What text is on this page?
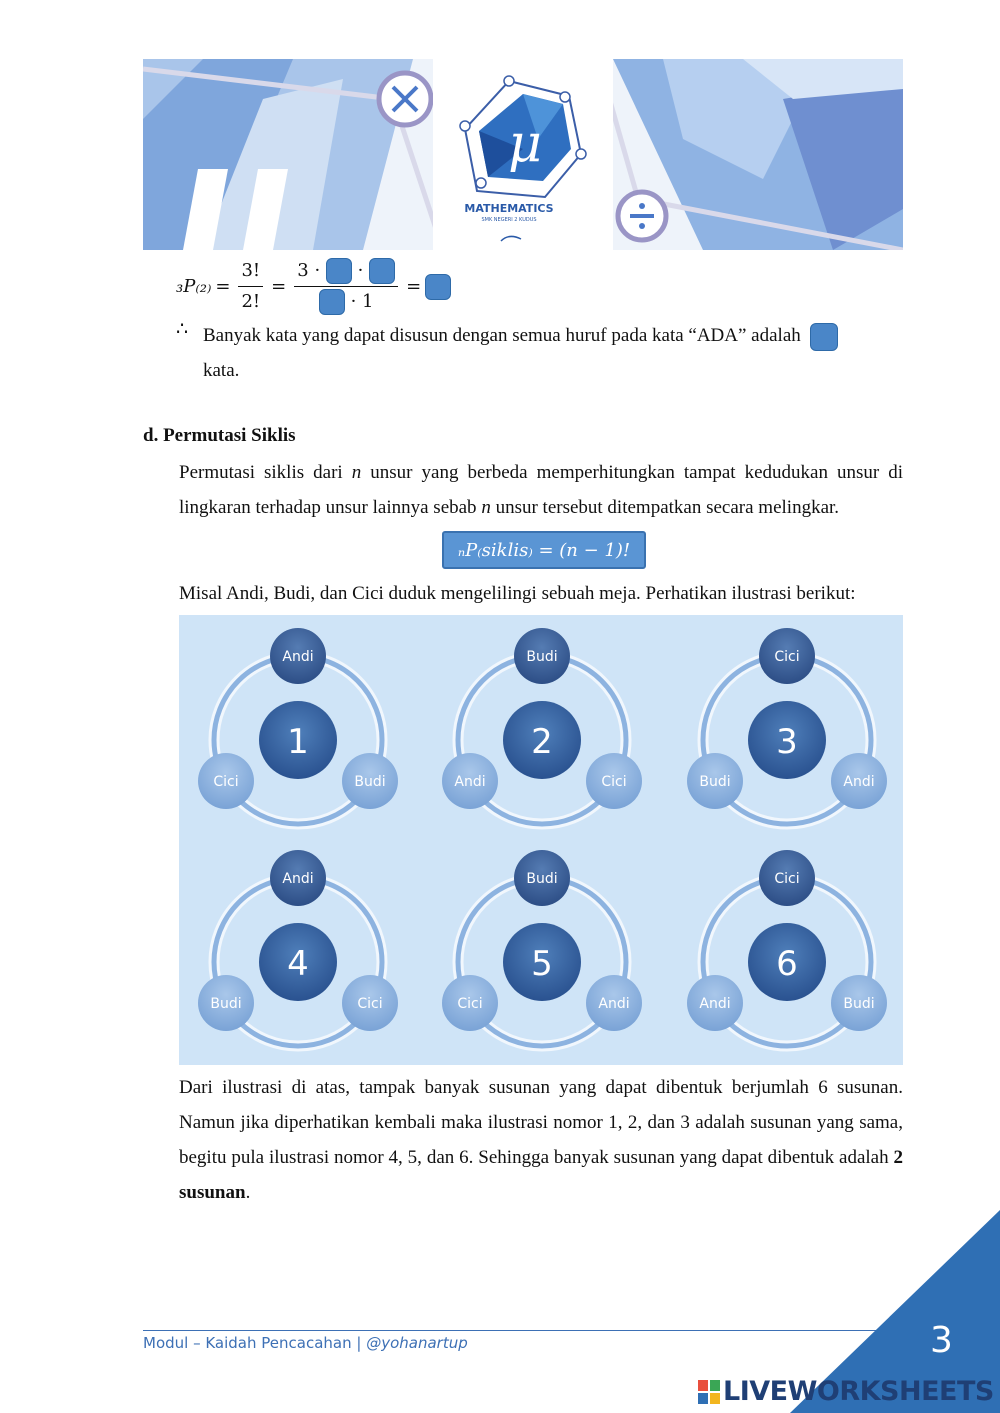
μ
MATHEMATICS
SMK NEGERI 2 KUDUS
$_3P_{(2)} = \frac{3!}{2!} = \frac{3 \cdot \cdot}{\cdot 1}$ =
∴ Banyak kata yang dapat disusun dengan semua huruf pada kata “ADA” adalah
kata.
d. Permutasi Siklis
Permutasi siklis dari n unsur yang berbeda memperhitungkan tampat kedudukan unsur di lingkaran terhadap unsur lainnya sebab n unsur tersebut ditempatkan secara melingkar.
ₙP₍siklis₎ = (n − 1)!
Misal Andi, Budi, dan Cici duduk mengelilingi sebuah meja. Perhatikan ilustrasi berikut:
1
Andi
Cici	Budi
2
Budi
Andi	Cici
3
Cici
Budi	Andi
4
Andi
Budi	Cici
5
Budi
Cici	Andi
6
Cici
Andi	Budi
Dari ilustrasi di atas, tampak banyak susunan yang dapat dibentuk berjumlah 6 susunan. Namun jika diperhatikan kembali maka ilustrasi nomor 1, 2, dan 3 adalah susunan yang sama, begitu pula ilustrasi nomor 4, 5, dan 6. Sehingga banyak susunan yang dapat dibentuk adalah 2 susunan.
Modul – Kaidah Pencacahan | @yohanartup	3
LIVEWORKSHEETS
